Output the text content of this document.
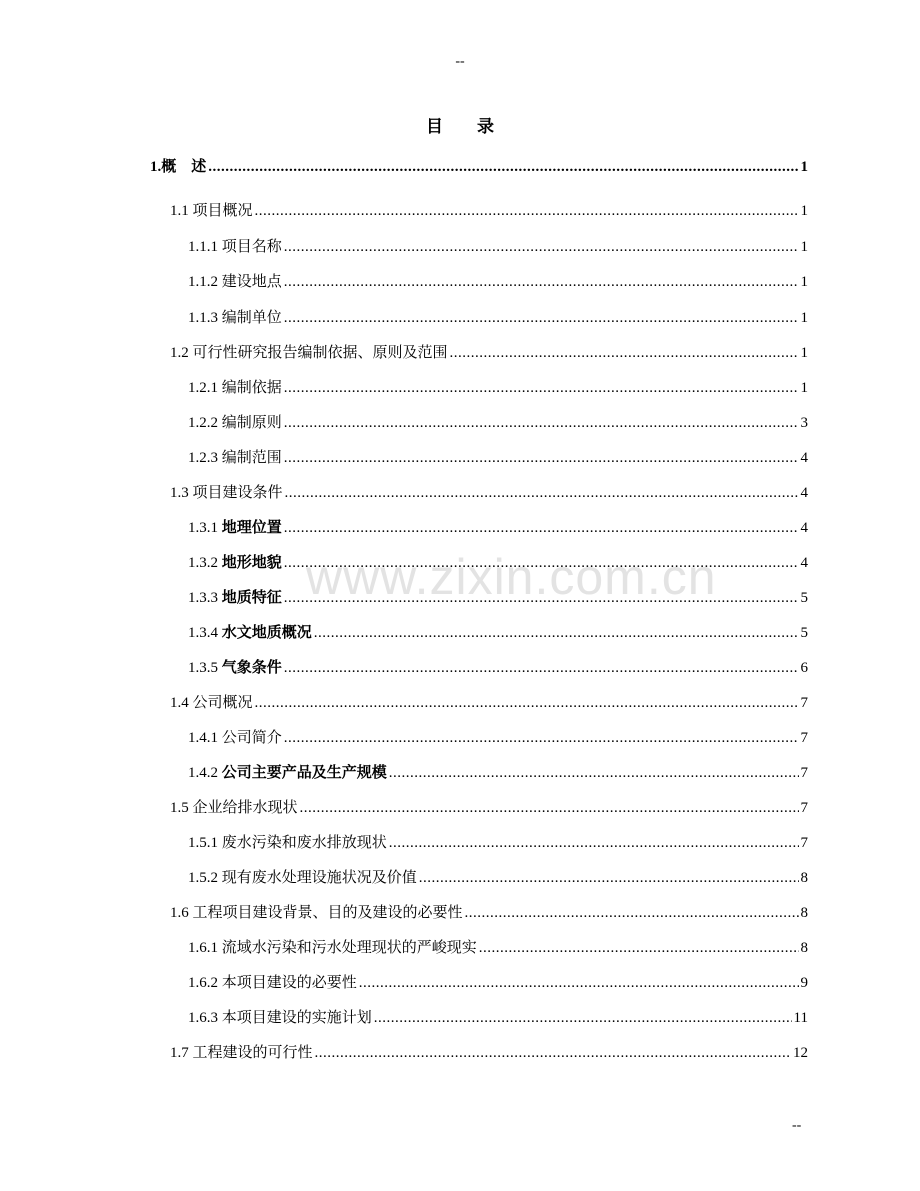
--
目 录
www.zixin.com.cn
1.概　述 .....	1
1.1 项目概况 .....	1
1.1.1 项目名称 .....	1
1.1.2 建设地点 .....	1
1.1.3 编制单位 .....	1
1.2 可行性研究报告编制依据、原则及范围 .....	1
1.2.1 编制依据 .....	1
1.2.2 编制原则 .....	3
1.2.3 编制范围 .....	4
1.3 项目建设条件 .....	4
1.3.1 地理位置 .....	4
1.3.2 地形地貌 .....	4
1.3.3 地质特征 .....	5
1.3.4 水文地质概况 .....	5
1.3.5 气象条件 .....	6
1.4 公司概况 .....	7
1.4.1 公司简介 .....	7
1.4.2 公司主要产品及生产规模 .....	7
1.5 企业给排水现状 .....	7
1.5.1 废水污染和废水排放现状 .....	7
1.5.2 现有废水处理设施状况及价值 .....	8
1.6 工程项目建设背景、目的及建设的必要性 .....	8
1.6.1 流域水污染和污水处理现状的严峻现实 .....	8
1.6.2 本项目建设的必要性 .....	9
1.6.3 本项目建设的实施计划 .....	11
1.7 工程建设的可行性 .....	12
--
